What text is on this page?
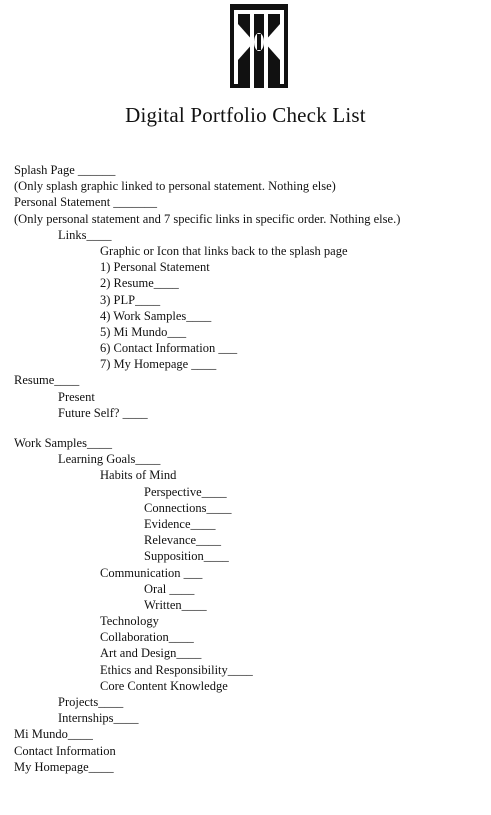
Digital Portfolio Check List
Splash Page ______
(Only splash graphic linked to personal statement. Nothing else)
Personal Statement _______
(Only personal statement and 7 specific links in specific order. Nothing else.)
Links____
Graphic or Icon that links back to the splash page
1) Personal Statement
2) Resume____
3) PLP____
4) Work Samples____
5) Mi Mundo___
6) Contact Information ___
7) My Homepage ____
Resume____
Present
Future Self? ____
Work Samples____
Learning Goals____
Habits of Mind
Perspective____
Connections____
Evidence____
Relevance____
Supposition____
Communication ___
Oral ____
Written____
Technology
Collaboration____
Art and Design____
Ethics and Responsibility____
Core Content Knowledge
Projects____
Internships____
Mi Mundo____
Contact Information
My Homepage____
